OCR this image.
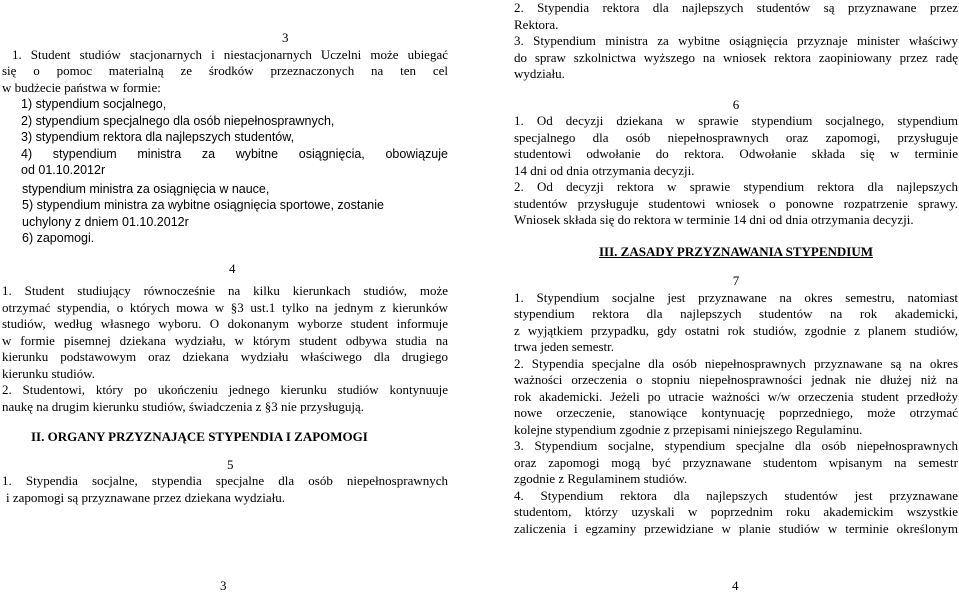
3
1. Student studiów stacjonarnych i niestacjonarnych Uczelni może ubiegać
się o pomoc materialną ze środków przeznaczonych na ten cel
w budżecie państwa w formie:
1) stypendium socjalnego,
2) stypendium specjalnego dla osób niepełnosprawnych,
3) stypendium rektora dla najlepszych studentów,
4) stypendium ministra za wybitne osiągnięcia, obowiązuje
od 01.10.2012r
stypendium ministra za osiągnięcia w nauce,
5) stypendium ministra za wybitne osiągnięcia sportowe, zostanie
uchylony z dniem 01.10.2012r
6) zapomogi.
4
1. Student studiujący równocześnie na kilku kierunkach studiów, może
otrzymać stypendia, o których mowa w §3 ust.1 tylko na jednym z kierunków
studiów, według własnego wyboru. O dokonanym wyborze student informuje
w formie pisemnej dziekana wydziału, w którym student odbywa studia na
kierunku podstawowym oraz dziekana wydziału właściwego dla drugiego
kierunku studiów.
2. Studentowi, który po ukończeniu jednego kierunku studiów kontynuuje
naukę na drugim kierunku studiów, świadczenia z §3 nie przysługują.
II. ORGANY PRZYZNAJĄCE STYPENDIA I ZAPOMOGI
5
1. Stypendia socjalne, stypendia specjalne dla osób niepełnosprawnych
i zapomogi są przyznawane przez dziekana wydziału.
3
2. Stypendia rektora dla najlepszych studentów są przyznawane przez
Rektora.
3. Stypendium ministra za wybitne osiągnięcia przyznaje minister właściwy
do spraw szkolnictwa wyższego na wniosek rektora zaopiniowany przez radę
wydziału.
6
1. Od decyzji dziekana w sprawie stypendium socjalnego, stypendium
specjalnego dla osób niepełnosprawnych oraz zapomogi, przysługuje
studentowi odwołanie do rektora. Odwołanie składa się w terminie
14 dni od dnia otrzymania decyzji.
2. Od decyzji rektora w sprawie stypendium rektora dla najlepszych
studentów przysługuje studentowi wniosek o ponowne rozpatrzenie sprawy.
Wniosek składa się do rektora w terminie 14 dni od dnia otrzymania decyzji.
III. ZASADY PRZYZNAWANIA STYPENDIUM
7
1. Stypendium socjalne jest przyznawane na okres semestru, natomiast
stypendium rektora dla najlepszych studentów na rok akademicki,
z wyjątkiem przypadku, gdy ostatni rok studiów, zgodnie z planem studiów,
trwa jeden semestr.
2. Stypendia specjalne dla osób niepełnosprawnych przyznawane są na okres
ważności orzeczenia o stopniu niepełnosprawności jednak nie dłużej niż na
rok akademicki. Jeżeli po utracie ważności w/w orzeczenia student przedłoży
nowe orzeczenie, stanowiące kontynuację poprzedniego, może otrzymać
kolejne stypendium zgodnie z przepisami niniejszego Regulaminu.
3. Stypendium socjalne, stypendium specjalne dla osób niepełnosprawnych
oraz zapomogi mogą być przyznawane studentom wpisanym na semestr
zgodnie z Regulaminem studiów.
4. Stypendium rektora dla najlepszych studentów jest przyznawane
studentom, którzy uzyskali w poprzednim roku akademickim wszystkie
zaliczenia i egzaminy przewidziane w planie studiów w terminie określonym
4
